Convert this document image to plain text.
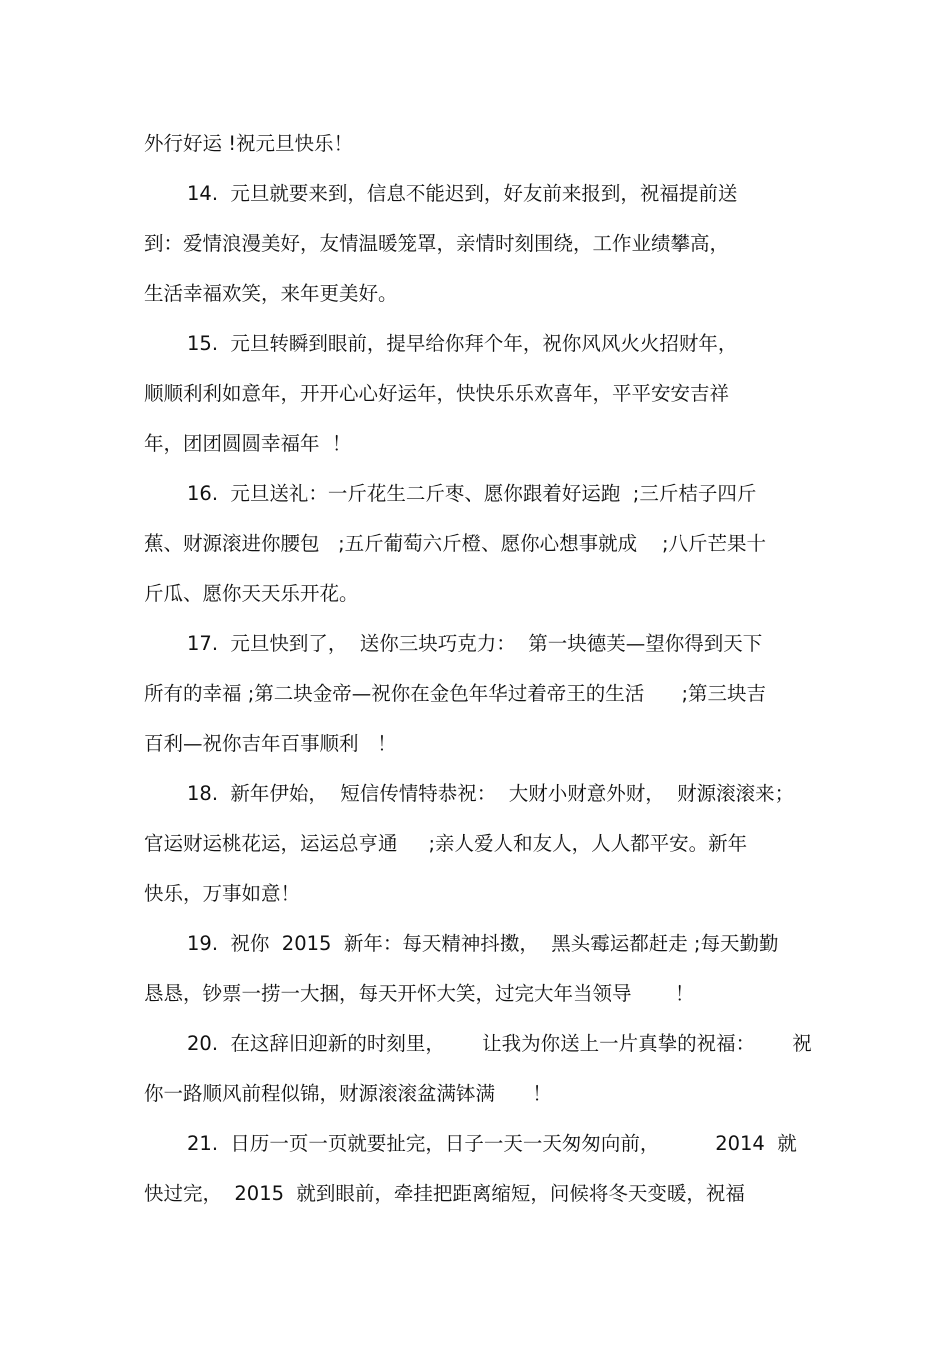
外行好运 !祝元旦快乐！

14.  元旦就要来到，信息不能迟到，好友前来报到，祝福提前送

到：爱情浪漫美好，友情温暖笼罩，亲情时刻围绕，工作业绩攀高，

生活幸福欢笑，来年更美好。

15.  元旦转瞬到眼前，提早给你拜个年，祝你风风火火招财年，

顺顺利利如意年，开开心心好运年，快快乐乐欢喜年，平平安安吉祥

年，团团圆圆幸福年  ！

16.  元旦送礼：一斤花生二斤枣、愿你跟着好运跑  ;三斤桔子四斤

蕉、财源滚进你腰包   ;五斤葡萄六斤橙、愿你心想事就成    ;八斤芒果十

斤瓜、愿你天天乐开花。

17.  元旦快到了，  送你三块巧克力：  第一块德芙—望你得到天下

所有的幸福 ;第二块金帝—祝你在金色年华过着帝王的生活      ;第三块吉

百利—祝你吉年百事顺利   ！

18.  新年伊始，  短信传情特恭祝：  大财小财意外财，  财源滚滚来；

官运财运桃花运，运运总亨通     ;亲人爱人和友人，人人都平安。新年

快乐，万事如意！

19.  祝你  2015  新年：每天精神抖擞，  黑头霉运都赶走 ;每天勤勤

恳恳，钞票一捞一大捆，每天开怀大笑，过完大年当领导       ！

20.  在这辞旧迎新的时刻里，      让我为你送上一片真挚的祝福：      祝

你一路顺风前程似锦，财源滚滚盆满钵满      ！

21.  日历一页一页就要扯完，日子一天一天匆匆向前，         2014  就

快过完，  2015  就到眼前，牵挂把距离缩短，问候将冬天变暖，祝福
